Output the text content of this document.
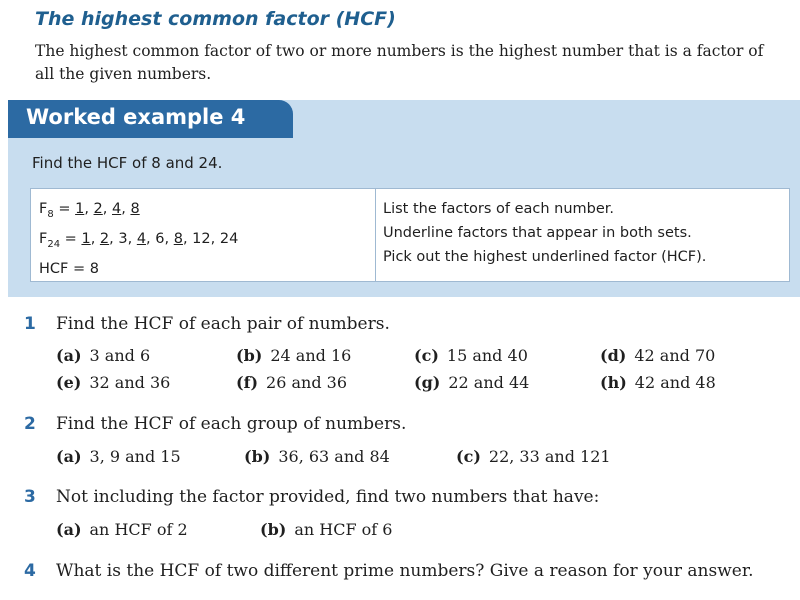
The highest common factor (HCF)
The highest common factor of two or more numbers is the highest number that is a factor of all the given numbers.
Worked example 4
Find the HCF of 8 and 24.
$F_8 = 1$, 2, 4, 8
$F_{24} = 1$, 2, 3, 4, 6, 8, 12, 24
HCF = 8
List the factors of each number.
Underline factors that appear in both sets.
Pick out the highest underlined factor (HCF).
1 Find the HCF of each pair of numbers.
(a) 3 and 6	(b) 24 and 16	(c) 15 and 40	(d) 42 and 70
(e) 32 and 36	(f) 26 and 36	(g) 22 and 44	(h) 42 and 48
2 Find the HCF of each group of numbers.
(a) 3, 9 and 15	(b) 36, 63 and 84	(c) 22, 33 and 121
3 Not including the factor provided, find two numbers that have:
(a) an HCF of 2	(b) an HCF of 6
4 What is the HCF of two different prime numbers? Give a reason for your answer.
